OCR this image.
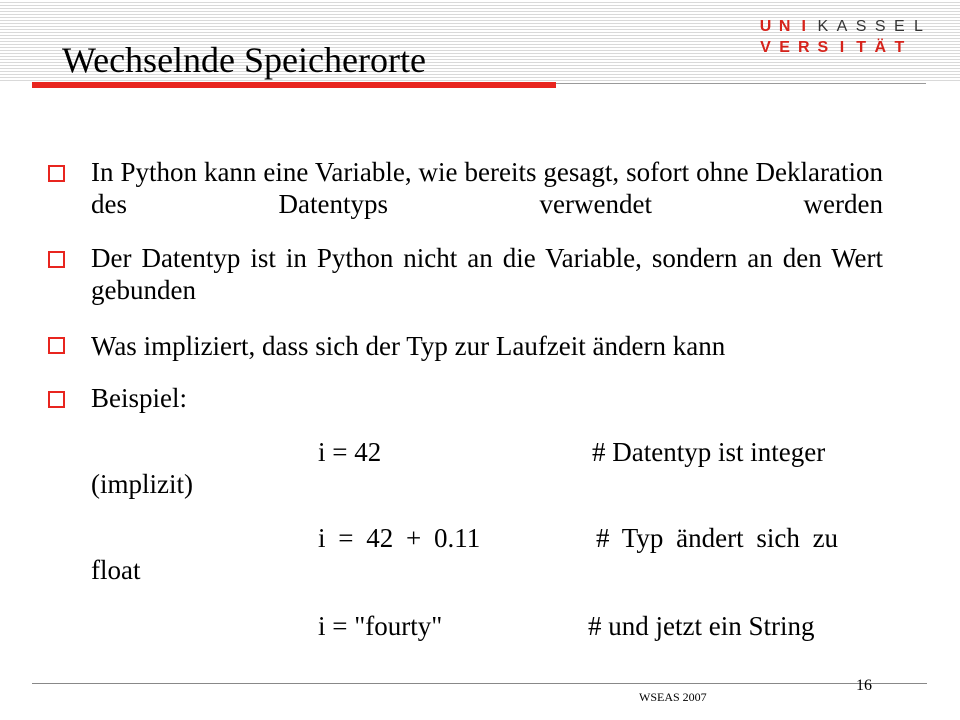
Wechselnde Speicherorte
U N I K A S S E L
V E R S I T Ä T
In Python kann eine Variable, wie bereits gesagt, sofort ohne Deklaration des Datentyps verwendet werden
Der Datentyp ist in Python nicht an die Variable, sondern an den Wert gebunden
Was impliziert, dass sich der Typ zur Laufzeit ändern kann
Beispiel:
i = 42	# Datentyp ist integer
(implizit)
i = 42 + 0.11	# Typ ändert sich zu
float
i = "fourty"	# und jetzt ein String
WSEAS 2007
16
